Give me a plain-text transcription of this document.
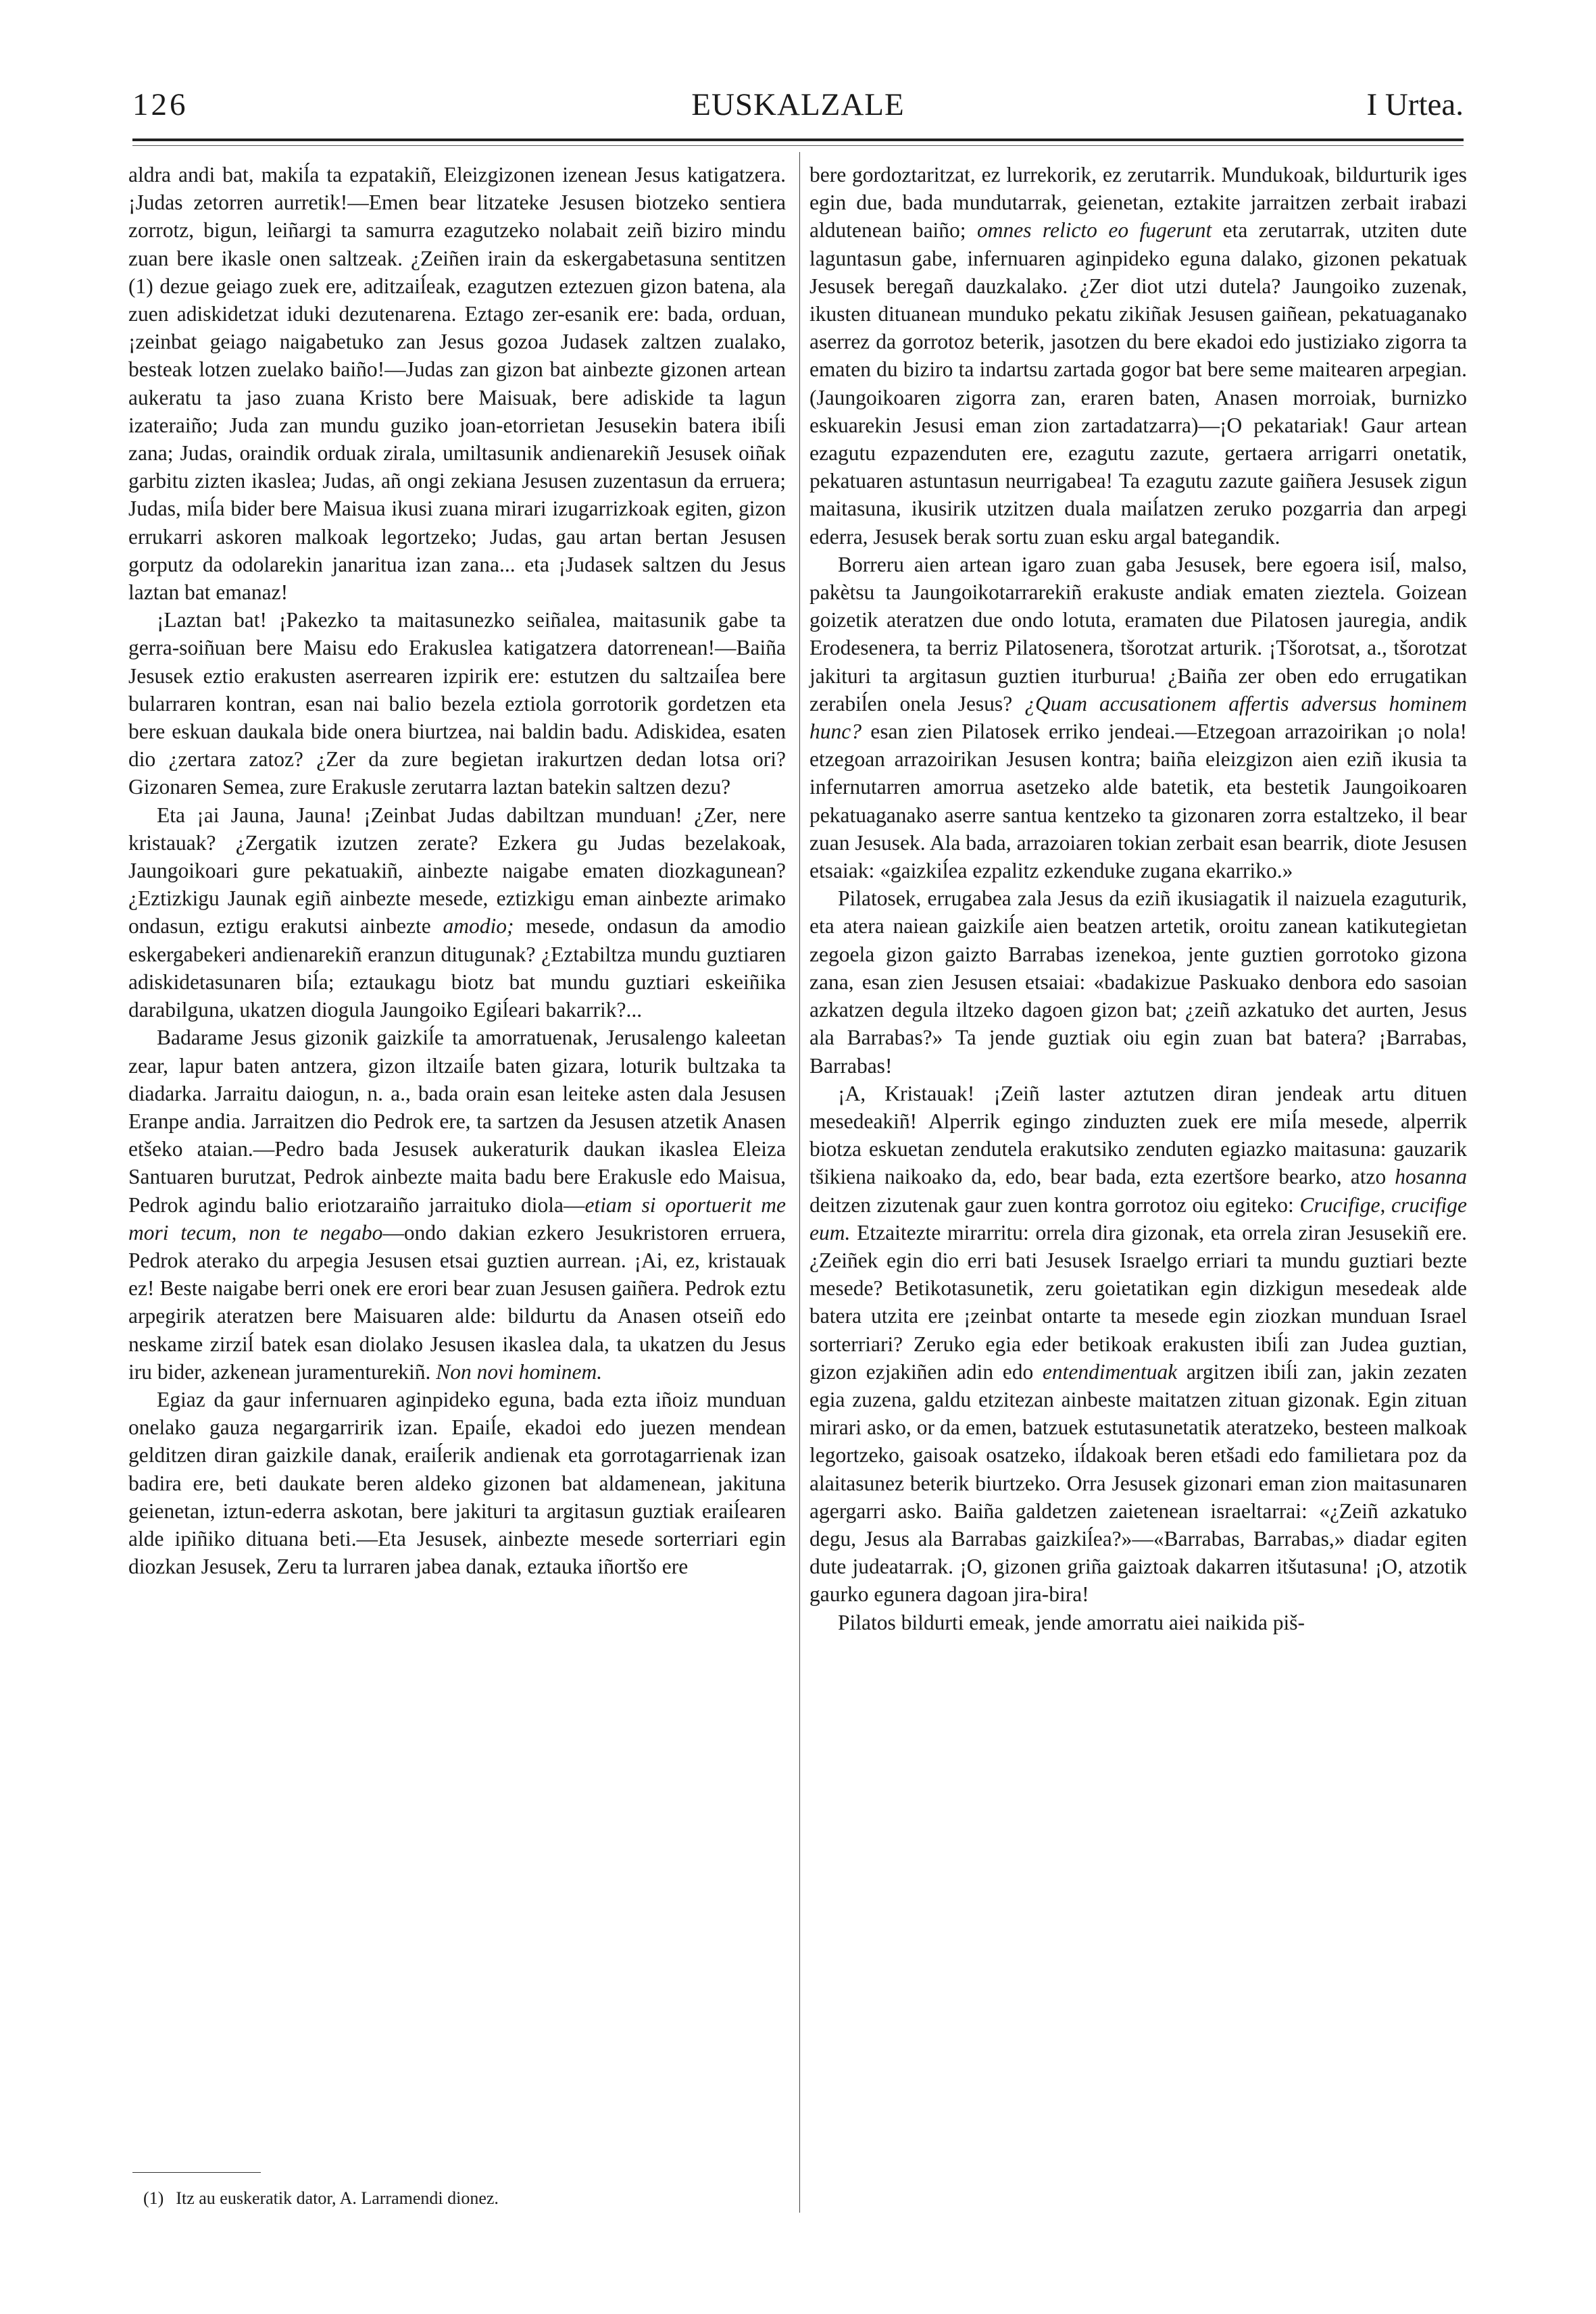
126	EUSKALZALE	I Urtea.

aldra andi bat, makiĺa ta ezpatakiñ, Eleizgizonen izenean Jesus katigatzera. ¡Judas zetorren aurretik!—Emen bear litzateke Jesusen biotzeko sentiera zorrotz, bigun, leiñargi ta samurra ezagutzeko nolabait zeiñ biziro mindu zuan bere ikasle onen saltzeak. ¿Zeiñen irain da eskergabetasuna sentitzen (1) dezue geiago zuek ere, aditzaiĺeak, ezagutzen eztezuen gizon batena, ala zuen adiskidetzat iduki dezutenarena. Eztago zer-esanik ere: bada, orduan, ¡zeinbat geiago naigabetuko zan Jesus gozoa Judasek zaltzen zualako, besteak lotzen zuelako baiño!—Judas zan gizon bat ainbezte gizonen artean aukeratu ta jaso zuana Kristo bere Maisuak, bere adiskide ta lagun izateraiño; Juda zan mundu guziko joan-etorrietan Jesusekin batera ibiĺi zana; Judas, oraindik orduak zirala, umiltasunik andienarekiñ Jesusek oiñak garbitu zizten ikaslea; Judas, añ ongi zekiana Jesusen zuzentasun da erruera; Judas, miĺa bider bere Maisua ikusi zuana mirari izugarrizkoak egiten, gizon errukarri askoren malkoak legortzeko; Judas, gau artan bertan Jesusen gorputz da odolarekin janaritua izan zana... eta ¡Judasek saltzen du Jesus laztan bat emanaz!

¡Laztan bat! ¡Pakezko ta maitasunezko seiñalea, maitasunik gabe ta gerra-soiñuan bere Maisu edo Erakuslea katigatzera datorrenean!—Baiña Jesusek eztio erakusten aserrearen izpirik ere: estutzen du saltzaiĺea bere bularraren kontran, esan nai balio bezela eztiola gorrotorik gordetzen eta bere eskuan daukala bide onera biurtzea, nai baldin badu. Adiskidea, esaten dio ¿zertara zatoz? ¿Zer da zure begietan irakurtzen dedan lotsa ori? Gizonaren Semea, zure Erakusle zerutarra laztan batekin saltzen dezu?

Eta ¡ai Jauna, Jauna! ¡Zeinbat Judas dabiltzan munduan! ¿Zer, nere kristauak? ¿Zergatik izutzen zerate? Ezkera gu Judas bezelakoak, Jaungoikoari gure pekatuakiñ, ainbezte naigabe ematen diozkagunean? ¿Eztizkigu Jaunak egiñ ainbezte mesede, eztizkigu eman ainbezte arimako ondasun, eztigu erakutsi ainbezte amodio; mesede, ondasun da amodio eskergabekeri andienarekiñ eranzun ditugunak? ¿Eztabiltza mundu guztiaren adiskidetasunaren biĺa; eztaukagu biotz bat mundu guztiari eskeiñika darabilguna, ukatzen diogula Jaungoiko Egiĺeari bakarrik?...

Badarame Jesus gizonik gaizkiĺe ta amorratuenak, Jerusalengo kaleetan zear, lapur baten antzera, gizon iltzaiĺe baten gizara, loturik bultzaka ta diadarka. Jarraitu daiogun, n. a., bada orain esan leiteke asten dala Jesusen Eranpe andia. Jarraitzen dio Pedrok ere, ta sartzen da Jesusen atzetik Anasen etšeko ataian.—Pedro bada Jesusek aukeraturik daukan ikaslea Eleiza Santuaren burutzat, Pedrok ainbezte maita badu bere Erakusle edo Maisua, Pedrok agindu balio eriotzaraiño jarraituko diola—etiam si oportuerit me mori tecum, non te negabo—ondo dakian ezkero Jesukristoren erruera, Pedrok aterako du arpegia Jesusen etsai guztien aurrean. ¡Ai, ez, kristauak ez! Beste naigabe berri onek ere erori bear zuan Jesusen gaiñera. Pedrok eztu arpegirik ateratzen bere Maisuaren alde: bildurtu da Anasen otseiñ edo neskame zirziĺ batek esan diolako Jesusen ikaslea dala, ta ukatzen du Jesus iru bider, azkenean juramenturekiñ. Non novi hominem.

Egiaz da gaur infernuaren aginpideko eguna, bada ezta iñoiz munduan onelako gauza negargarririk izan. Epaiĺe, ekadoi edo juezen mendean gelditzen diran gaizkile danak, eraiĺerik andienak eta gorrotagarrienak izan badira ere, beti daukate beren aldeko gizonen bat aldamenean, jakituna geienetan, iztun-ederra askotan, bere jakituri ta argitasun guztiak eraiĺearen alde ipiñiko dituana beti.—Eta Jesusek, ainbezte mesede sorterriari egin diozkan Jesusek, Zeru ta lurraren jabea danak, eztauka iñortšo ere

bere gordoztaritzat, ez lurrekorik, ez zerutarrik. Mundukoak, bildurturik iges egin due, bada mundutarrak, geienetan, eztakite jarraitzen zerbait irabazi aldutenean baiño; omnes relicto eo fugerunt eta zerutarrak, utziten dute laguntasun gabe, infernuaren aginpideko eguna dalako, gizonen pekatuak Jesusek beregañ dauzkalako. ¿Zer diot utzi dutela? Jaungoiko zuzenak, ikusten dituanean munduko pekatu zikiñak Jesusen gaiñean, pekatuaganako aserrez da gorrotoz beterik, jasotzen du bere ekadoi edo justiziako zigorra ta ematen du biziro ta indartsu zartada gogor bat bere seme maitearen arpegian. (Jaungoikoaren zigorra zan, eraren baten, Anasen morroiak, burnizko eskuarekin Jesusi eman zion zartadatzarra)—¡O pekatariak! Gaur artean ezagutu ezpazenduten ere, ezagutu zazute, gertaera arrigarri onetatik, pekatuaren astuntasun neurrigabea! Ta ezagutu zazute gaiñera Jesusek zigun maitasuna, ikusirik utzitzen duala maiĺatzen zeruko pozgarria dan arpegi ederra, Jesusek berak sortu zuan esku argal bategandik.

Borreru aien artean igaro zuan gaba Jesusek, bere egoera isiĺ, malso, pakètsu ta Jaungoikotarrarekiñ erakuste andiak ematen zieztela. Goizean goizetik ateratzen due ondo lotuta, eramaten due Pilatosen jauregia, andik Erodesenera, ta berriz Pilatosenera, tšorotzat arturik. ¡Tšorotsat, a., tšorotzat jakituri ta argitasun guztien iturburua! ¿Baiña zer oben edo errugatikan zerabiĺen onela Jesus? ¿Quam accusationem affertis adversus hominem hunc? esan zien Pilatosek erriko jendeai.—Etzegoan arrazoirikan ¡o nola! etzegoan arrazoirikan Jesusen kontra; baiña eleizgizon aien eziñ ikusia ta infernutarren amorrua asetzeko alde batetik, eta bestetik Jaungoikoaren pekatuaganako aserre santua kentzeko ta gizonaren zorra estaltzeko, il bear zuan Jesusek. Ala bada, arrazoiaren tokian zerbait esan bearrik, diote Jesusen etsaiak: «gaizkiĺea ezpalitz ezkenduke zugana ekarriko.»

Pilatosek, errugabea zala Jesus da eziñ ikusiagatik il naizuela ezaguturik, eta atera naiean gaizkiĺe aien beatzen artetik, oroitu zanean katikutegietan zegoela gizon gaizto Barrabas izenekoa, jente guztien gorrotoko gizona zana, esan zien Jesusen etsaiai: «badakizue Paskuako denbora edo sasoian azkatzen degula iltzeko dagoen gizon bat; ¿zeiñ azkatuko det aurten, Jesus ala Barrabas?» Ta jende guztiak oiu egin zuan bat batera? ¡Barrabas, Barrabas!

¡A, Kristauak! ¡Zeiñ laster aztutzen diran jendeak artu dituen mesedeakiñ! Alperrik egingo zinduzten zuek ere miĺa mesede, alperrik biotza eskuetan zendutela erakutsiko zenduten egiazko maitasuna: gauzarik tšikiena naikoako da, edo, bear bada, ezta ezertšore bearko, atzo hosanna deitzen zizutenak gaur zuen kontra gorrotoz oiu egiteko: Crucifige, crucifige eum. Etzaitezte mirarritu: orrela dira gizonak, eta orrela ziran Jesusekiñ ere. ¿Zeiñek egin dio erri bati Jesusek Israelgo erriari ta mundu guztiari bezte mesede? Betikotasunetik, zeru goietatikan egin dizkigun mesedeak alde batera utzita ere ¡zeinbat ontarte ta mesede egin ziozkan munduan Israel sorterriari? Zeruko egia eder betikoak erakusten ibiĺi zan Judea guztian, gizon ezjakiñen adin edo entendimentuak argitzen ibiĺi zan, jakin zezaten egia zuzena, galdu etzitezan ainbeste maitatzen zituan gizonak. Egin zituan mirari asko, or da emen, batzuek estutasunetatik ateratzeko, besteen malkoak legortzeko, gaisoak osatzeko, iĺdakoak beren etšadi edo familietara poz da alaitasunez beterik biurtzeko. Orra Jesusek gizonari eman zion maitasunaren agergarri asko. Baiña galdetzen zaietenean israeltarrai: «¿Zeiñ azkatuko degu, Jesus ala Barrabas gaizkiĺea?»—«Barrabas, Barrabas,» diadar egiten dute judeatarrak. ¡O, gizonen griña gaiztoak dakarren itšutasuna! ¡O, atzotik gaurko egunera dagoan jira-bira!

Pilatos bildurti emeak, jende amorratu aiei naikida piš-

(1) Itz au euskeratik dator, A. Larramendi dionez.
